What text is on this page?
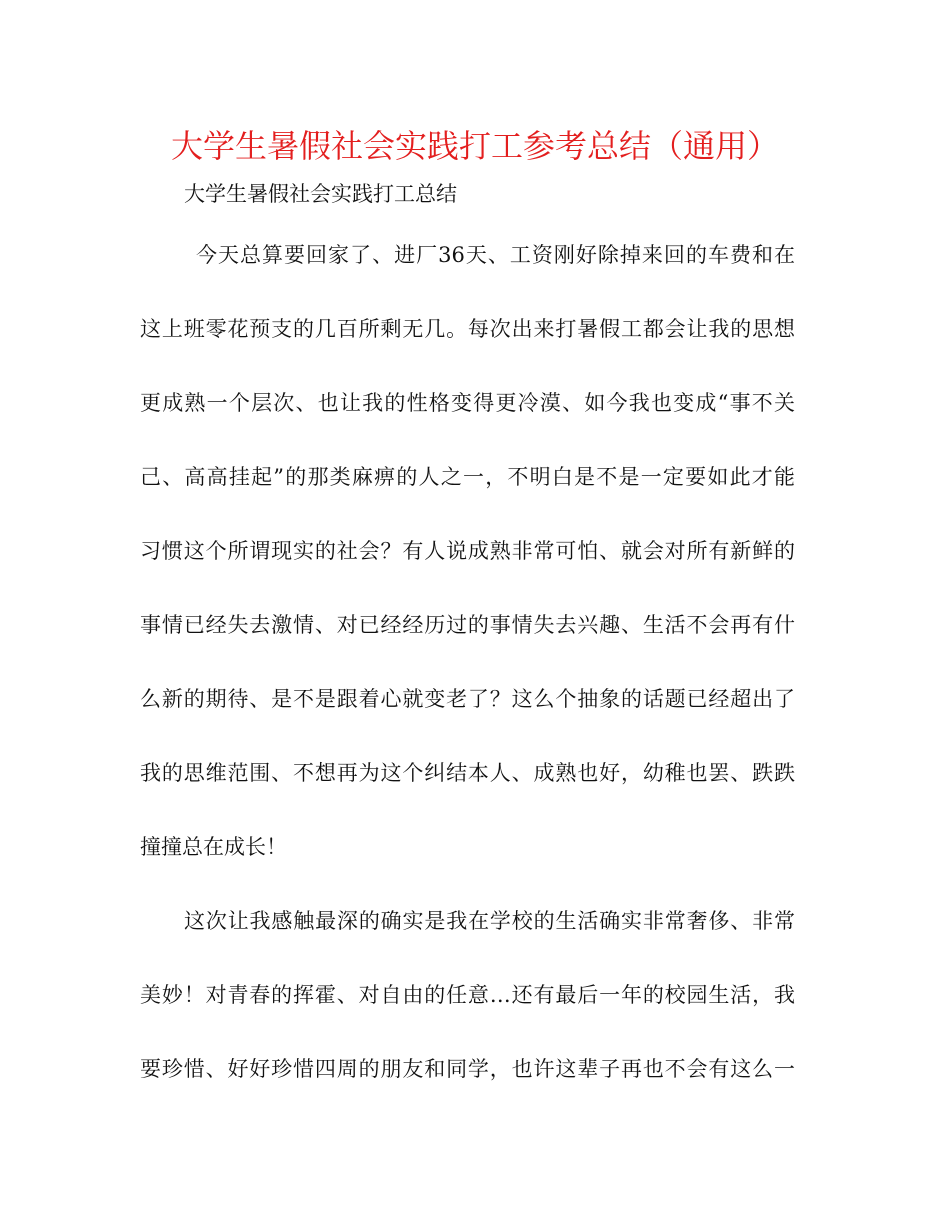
大学生暑假社会实践打工参考总结（通用）
大学生暑假社会实践打工总结
今天总算要回家了、进厂36天、工资刚好除掉来回的车费和在
这上班零花预支的几百所剩无几。每次出来打暑假工都会让我的思想
更成熟一个层次、也让我的性格变得更冷漠、如今我也变成“事不关
己、高高挂起”的那类麻痹的人之一，不明白是不是一定要如此才能
习惯这个所谓现实的社会？有人说成熟非常可怕、就会对所有新鲜的
事情已经失去激情、对已经经历过的事情失去兴趣、生活不会再有什
么新的期待、是不是跟着心就变老了？这么个抽象的话题已经超出了
我的思维范围、不想再为这个纠结本人、成熟也好，幼稚也罢、跌跌
撞撞总在成长！
这次让我感触最深的确实是我在学校的生活确实非常奢侈、非常
美妙！对青春的挥霍、对自由的任意…还有最后一年的校园生活，我
要珍惜、好好珍惜四周的朋友和同学，也许这辈子再也不会有这么一
